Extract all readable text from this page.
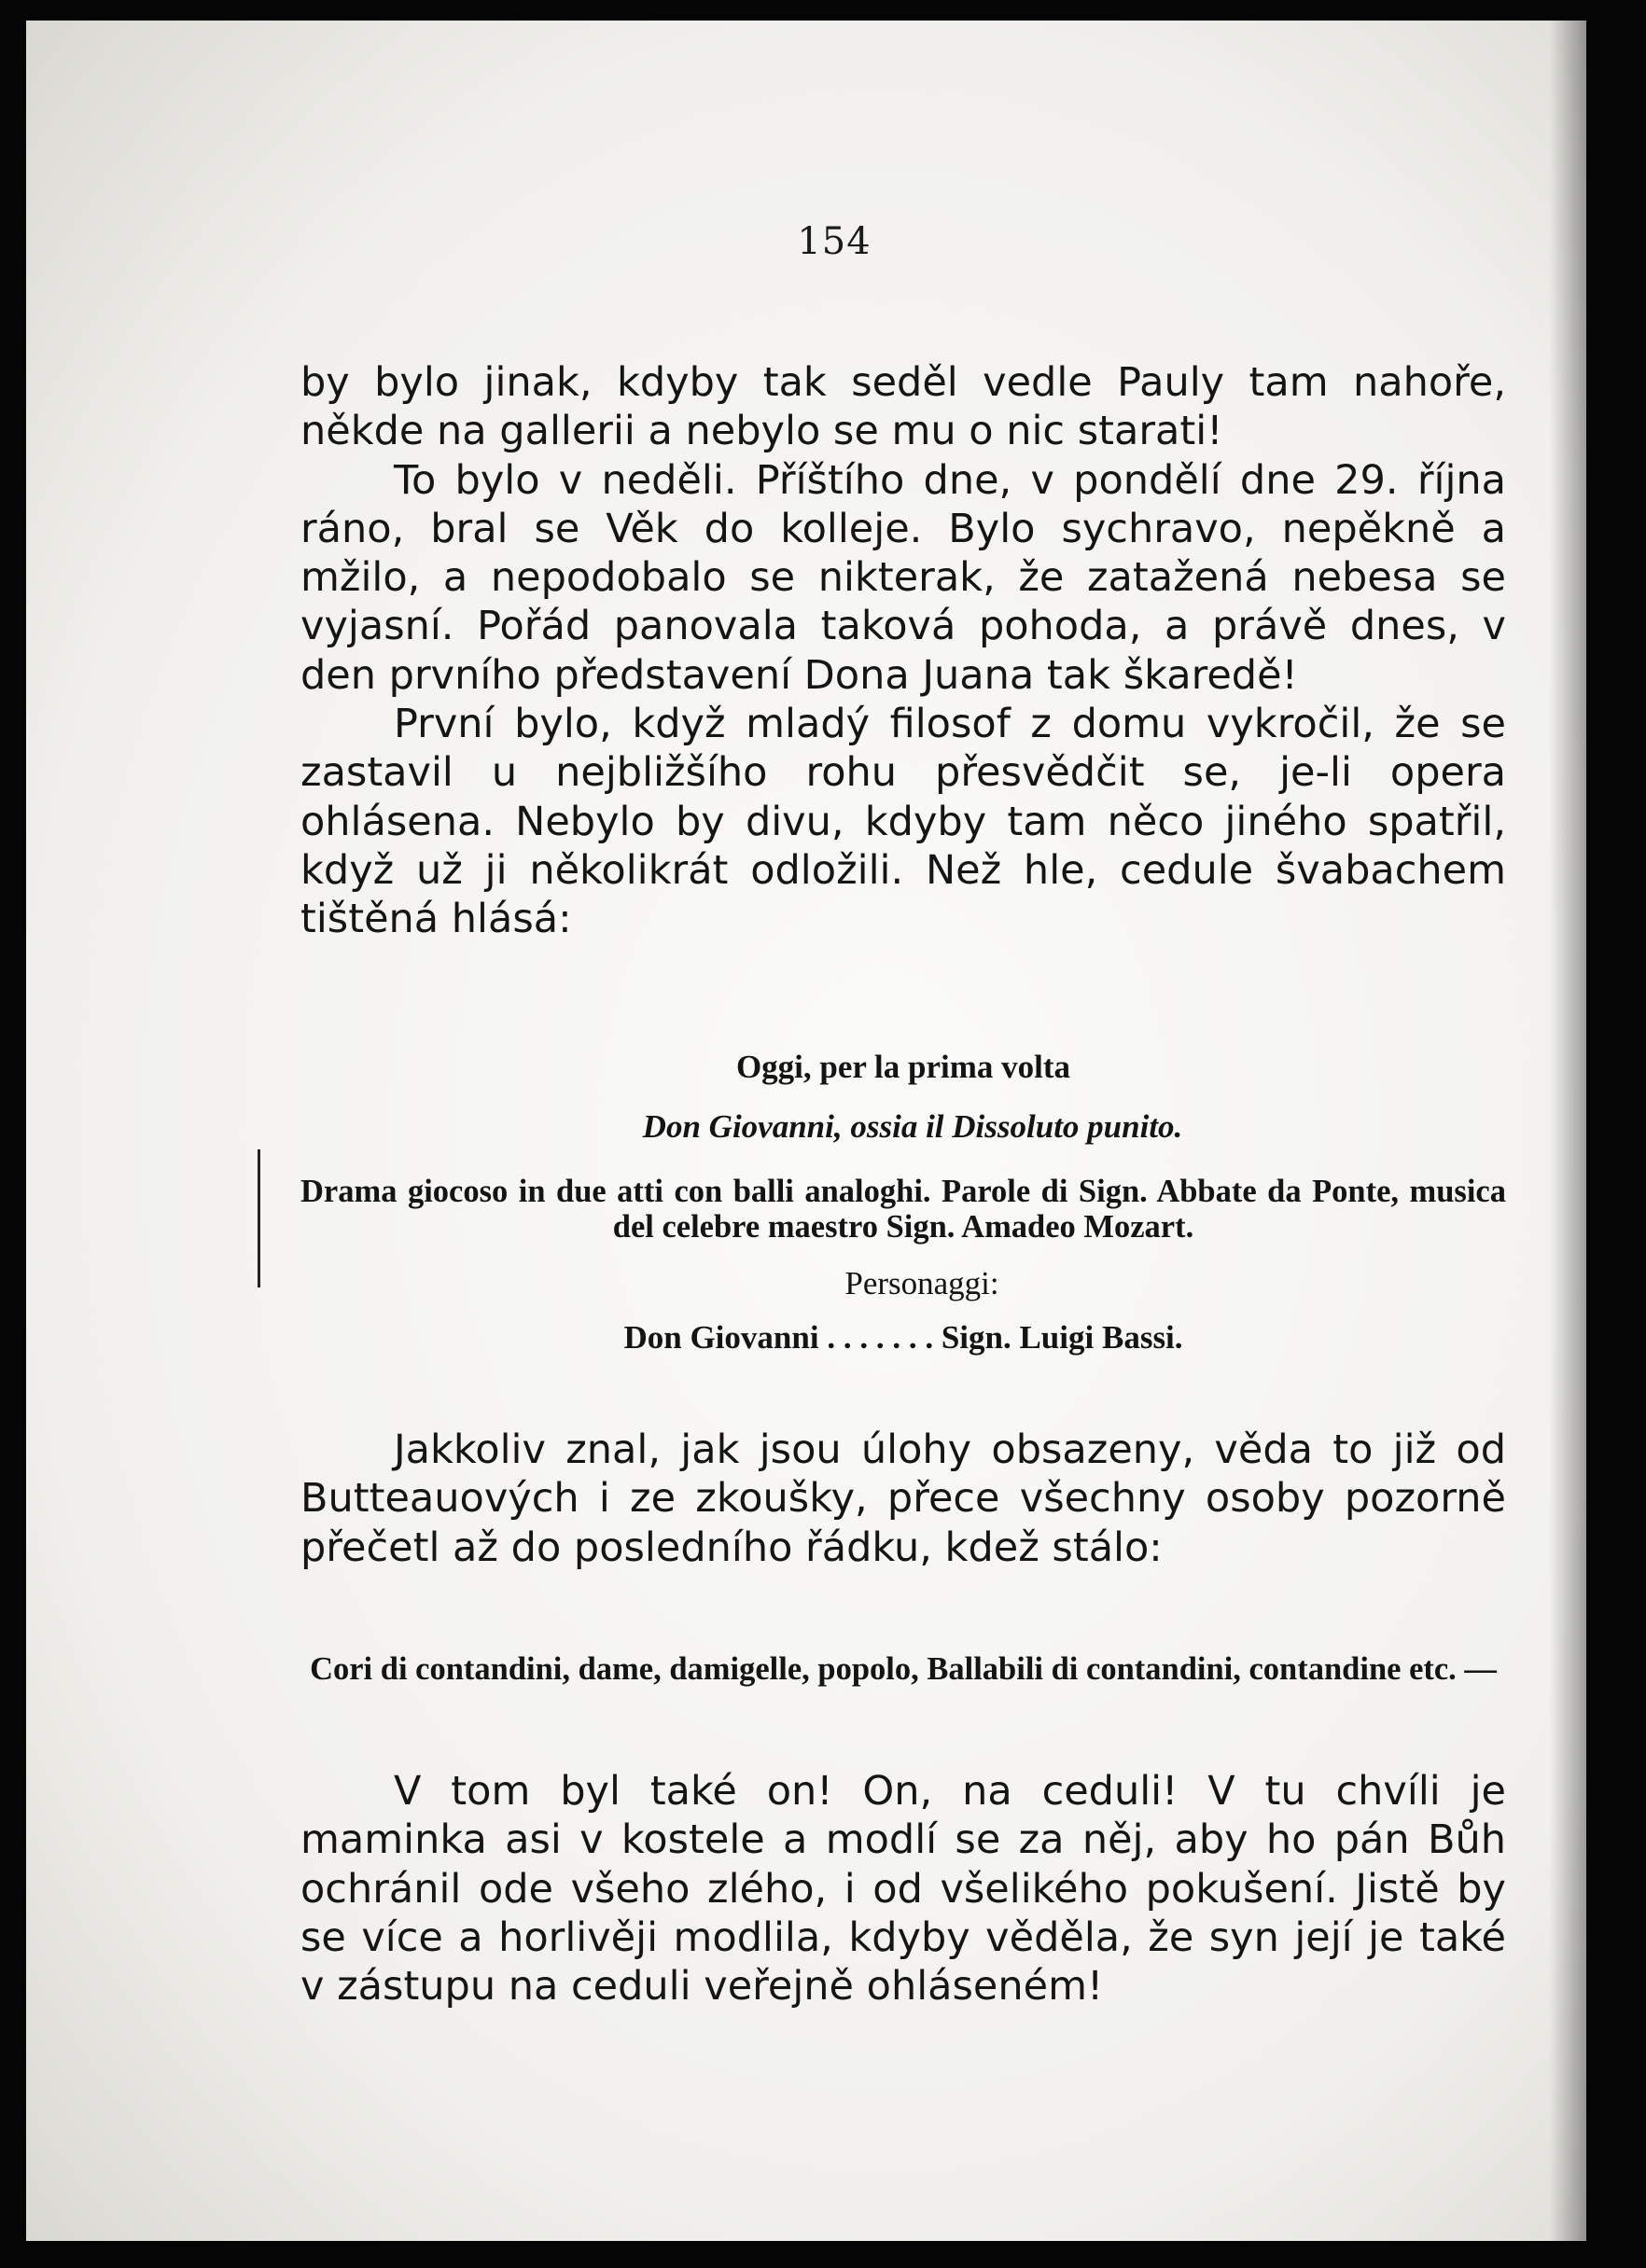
154

by bylo jinak, kdyby tak seděl vedle Pauly tam nahoře, někde na gallerii a nebylo se mu o nic starati!

To bylo v neděli. Příštího dne, v pondělí dne 29. října ráno, bral se Věk do kolleje. Bylo sychravo, nepěkně a mžilo, a nepodobalo se nikterak, že zatažená nebesa se vyjasní. Pořád panovala taková pohoda, a právě dnes, v den prvního představení Dona Juana tak škaredě!

První bylo, když mladý filosof z domu vykročil, že se zastavil u nejbližšího rohu přesvědčit se, je-li opera ohlásena. Nebylo by divu, kdyby tam něco jiného spatřil, když už ji několikrát odložili. Než hle, cedule švabachem tištěná hlásá:

Oggi, per la prima volta
Don Giovanni, ossia il Dissoluto punito.

Drama giocoso in due atti con balli analoghi. Parole di Sign. Abbate da Ponte, musica del celebre maestro Sign. Amadeo Mozart.

Personaggi:
Don Giovanni . . . . . . . Sign. Luigi Bassi.

Jakkoliv znal, jak jsou úlohy obsazeny, věda to již od Butteauových i ze zkoušky, přece všechny osoby pozorně přečetl až do posledního řádku, kdež stálo:

Cori di contandini, dame, damigelle, popolo, Ballabili di contandini, contandine etc. —

V tom byl také on! On, na ceduli! V tu chvíli je maminka asi v kostele a modlí se za něj, aby ho pán Bůh ochránil ode všeho zlého, i od všelikého pokušení. Jistě by se více a horlivěji modlila, kdyby věděla, že syn její je také v zástupu na ceduli veřejně ohláseném!
